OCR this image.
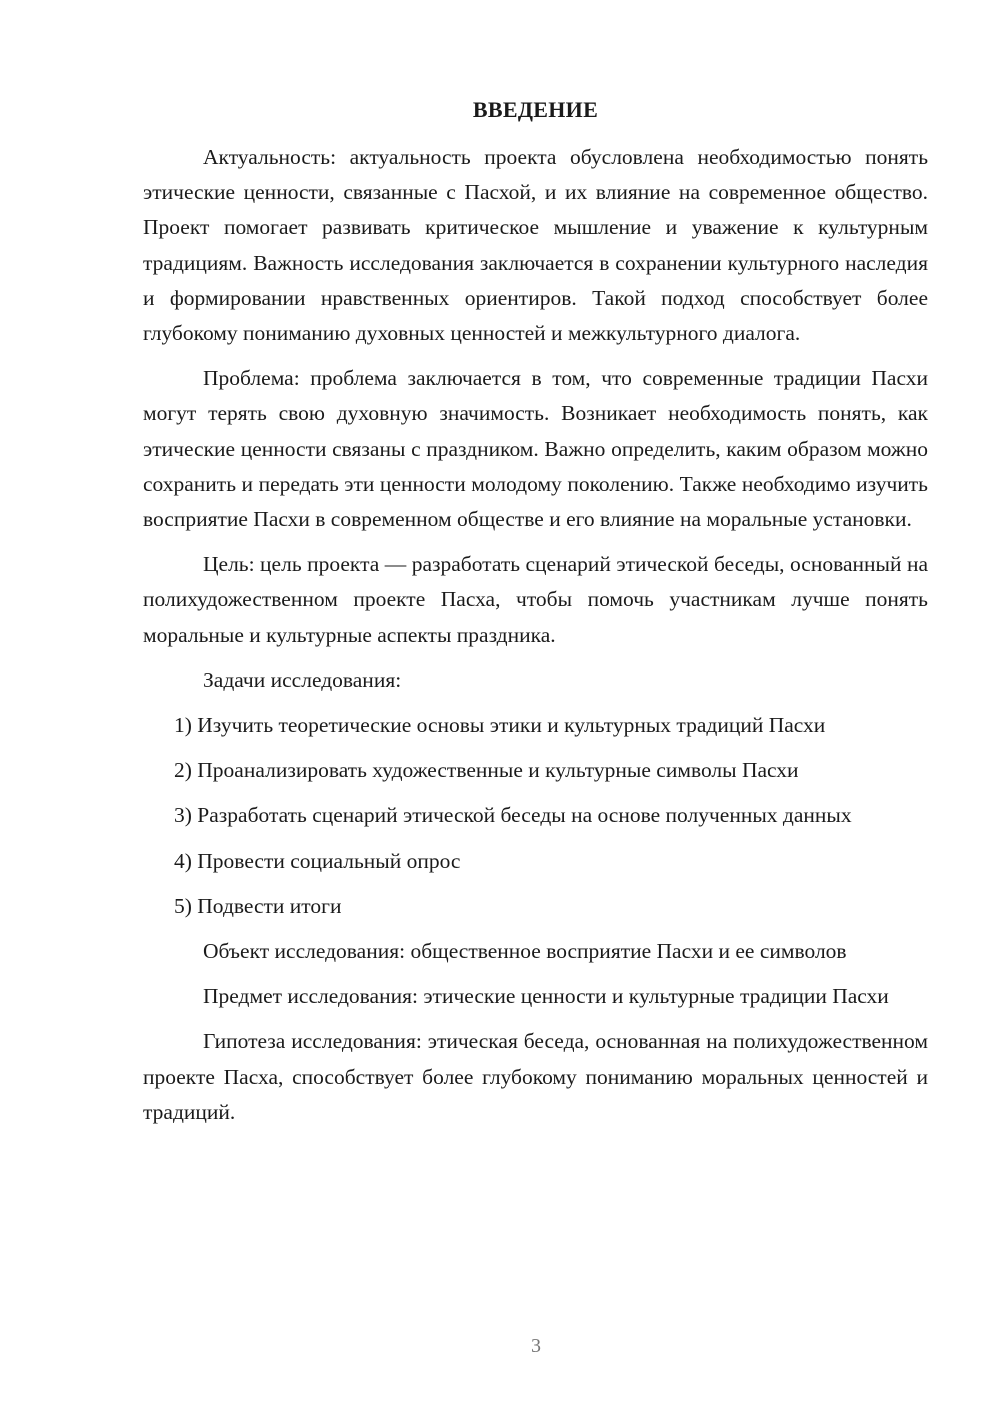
ВВЕДЕНИЕ

Актуальность: актуальность проекта обусловлена необходимостью понять этические ценности, связанные с Пасхой, и их влияние на современное общество. Проект помогает развивать критическое мышление и уважение к культурным традициям. Важность исследования заключается в сохранении культурного наследия и формировании нравственных ориентиров. Такой подход способствует более глубокому пониманию духовных ценностей и межкультурного диалога.

Проблема: проблема заключается в том, что современные традиции Пасхи могут терять свою духовную значимость. Возникает необходимость понять, как этические ценности связаны с праздником. Важно определить, каким образом можно сохранить и передать эти ценности молодому поколению. Также необходимо изучить восприятие Пасхи в современном обществе и его влияние на моральные установки.

Цель: цель проекта — разработать сценарий этической беседы, основанный на полихудожественном проекте Пасха, чтобы помочь участникам лучше понять моральные и культурные аспекты праздника.

Задачи исследования:

1) Изучить теоретические основы этики и культурных традиций Пасхи

2) Проанализировать художественные и культурные символы Пасхи

3) Разработать сценарий этической беседы на основе полученных данных

4) Провести социальный опрос

5) Подвести итоги

Объект исследования: общественное восприятие Пасхи и ее символов

Предмет исследования: этические ценности и культурные традиции Пасхи

Гипотеза исследования: этическая беседа, основанная на полихудожественном проекте Пасха, способствует более глубокому пониманию моральных ценностей и традиций.

3
